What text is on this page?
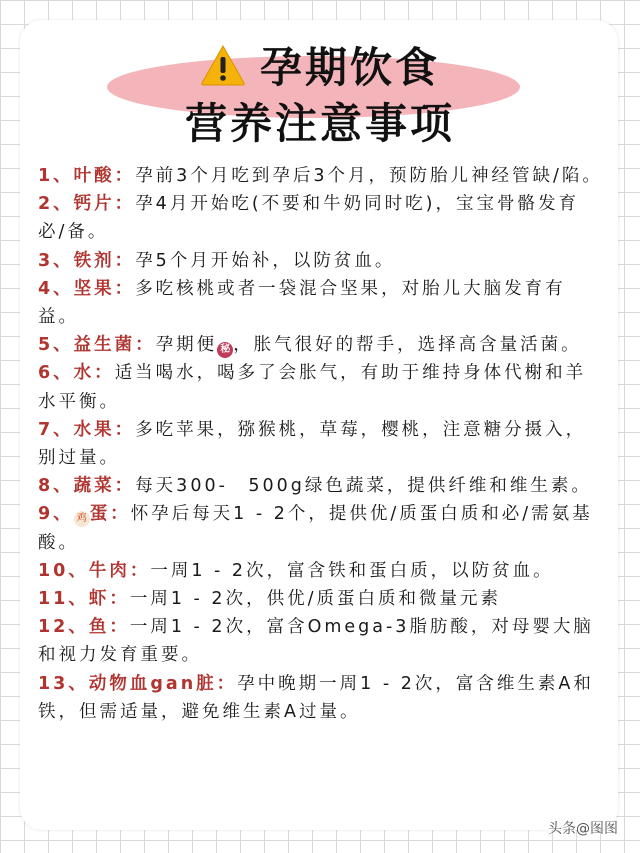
孕期饮食
营养注意事项

1、叶酸：孕前3个月吃到孕后3个月，预防胎儿神经管缺/陷。

2、钙片：孕4月开始吃(不要和牛奶同时吃)，宝宝骨骼发育必/备。

3、铁剂：孕5个月开始补，以防贫血。

4、坚果：多吃核桃或者一袋混合坚果，对胎儿大脑发育有益。

5、益生菌：孕期便 秘 ，胀气很好的帮手，选择高含量活菌。

6、水：适当喝水，喝多了会胀气，有助于维持身体代榭和羊水平衡。

7、水果：多吃苹果，猕猴桃，草莓，樱桃，注意糖分摄入，别过量。

8、蔬菜：每天300-　500g绿色蔬菜，提供纤维和维生素。

9、 鸡 蛋：怀孕后每天1 - 2个，提供优/质蛋白质和必/需氨基酸。

10、牛肉：一周1 - 2次，富含铁和蛋白质，以防贫血。

11、虾：一周1 - 2次，供优/质蛋白质和微量元素

12、鱼：一周1 - 2次，富含Omega-3脂肪酸，对母婴大脑和视力发育重要。

13、动物血gan脏：孕中晚期一周1 - 2次，富含维生素A和铁，但需适量，避免维生素A过量。

头条@图图
